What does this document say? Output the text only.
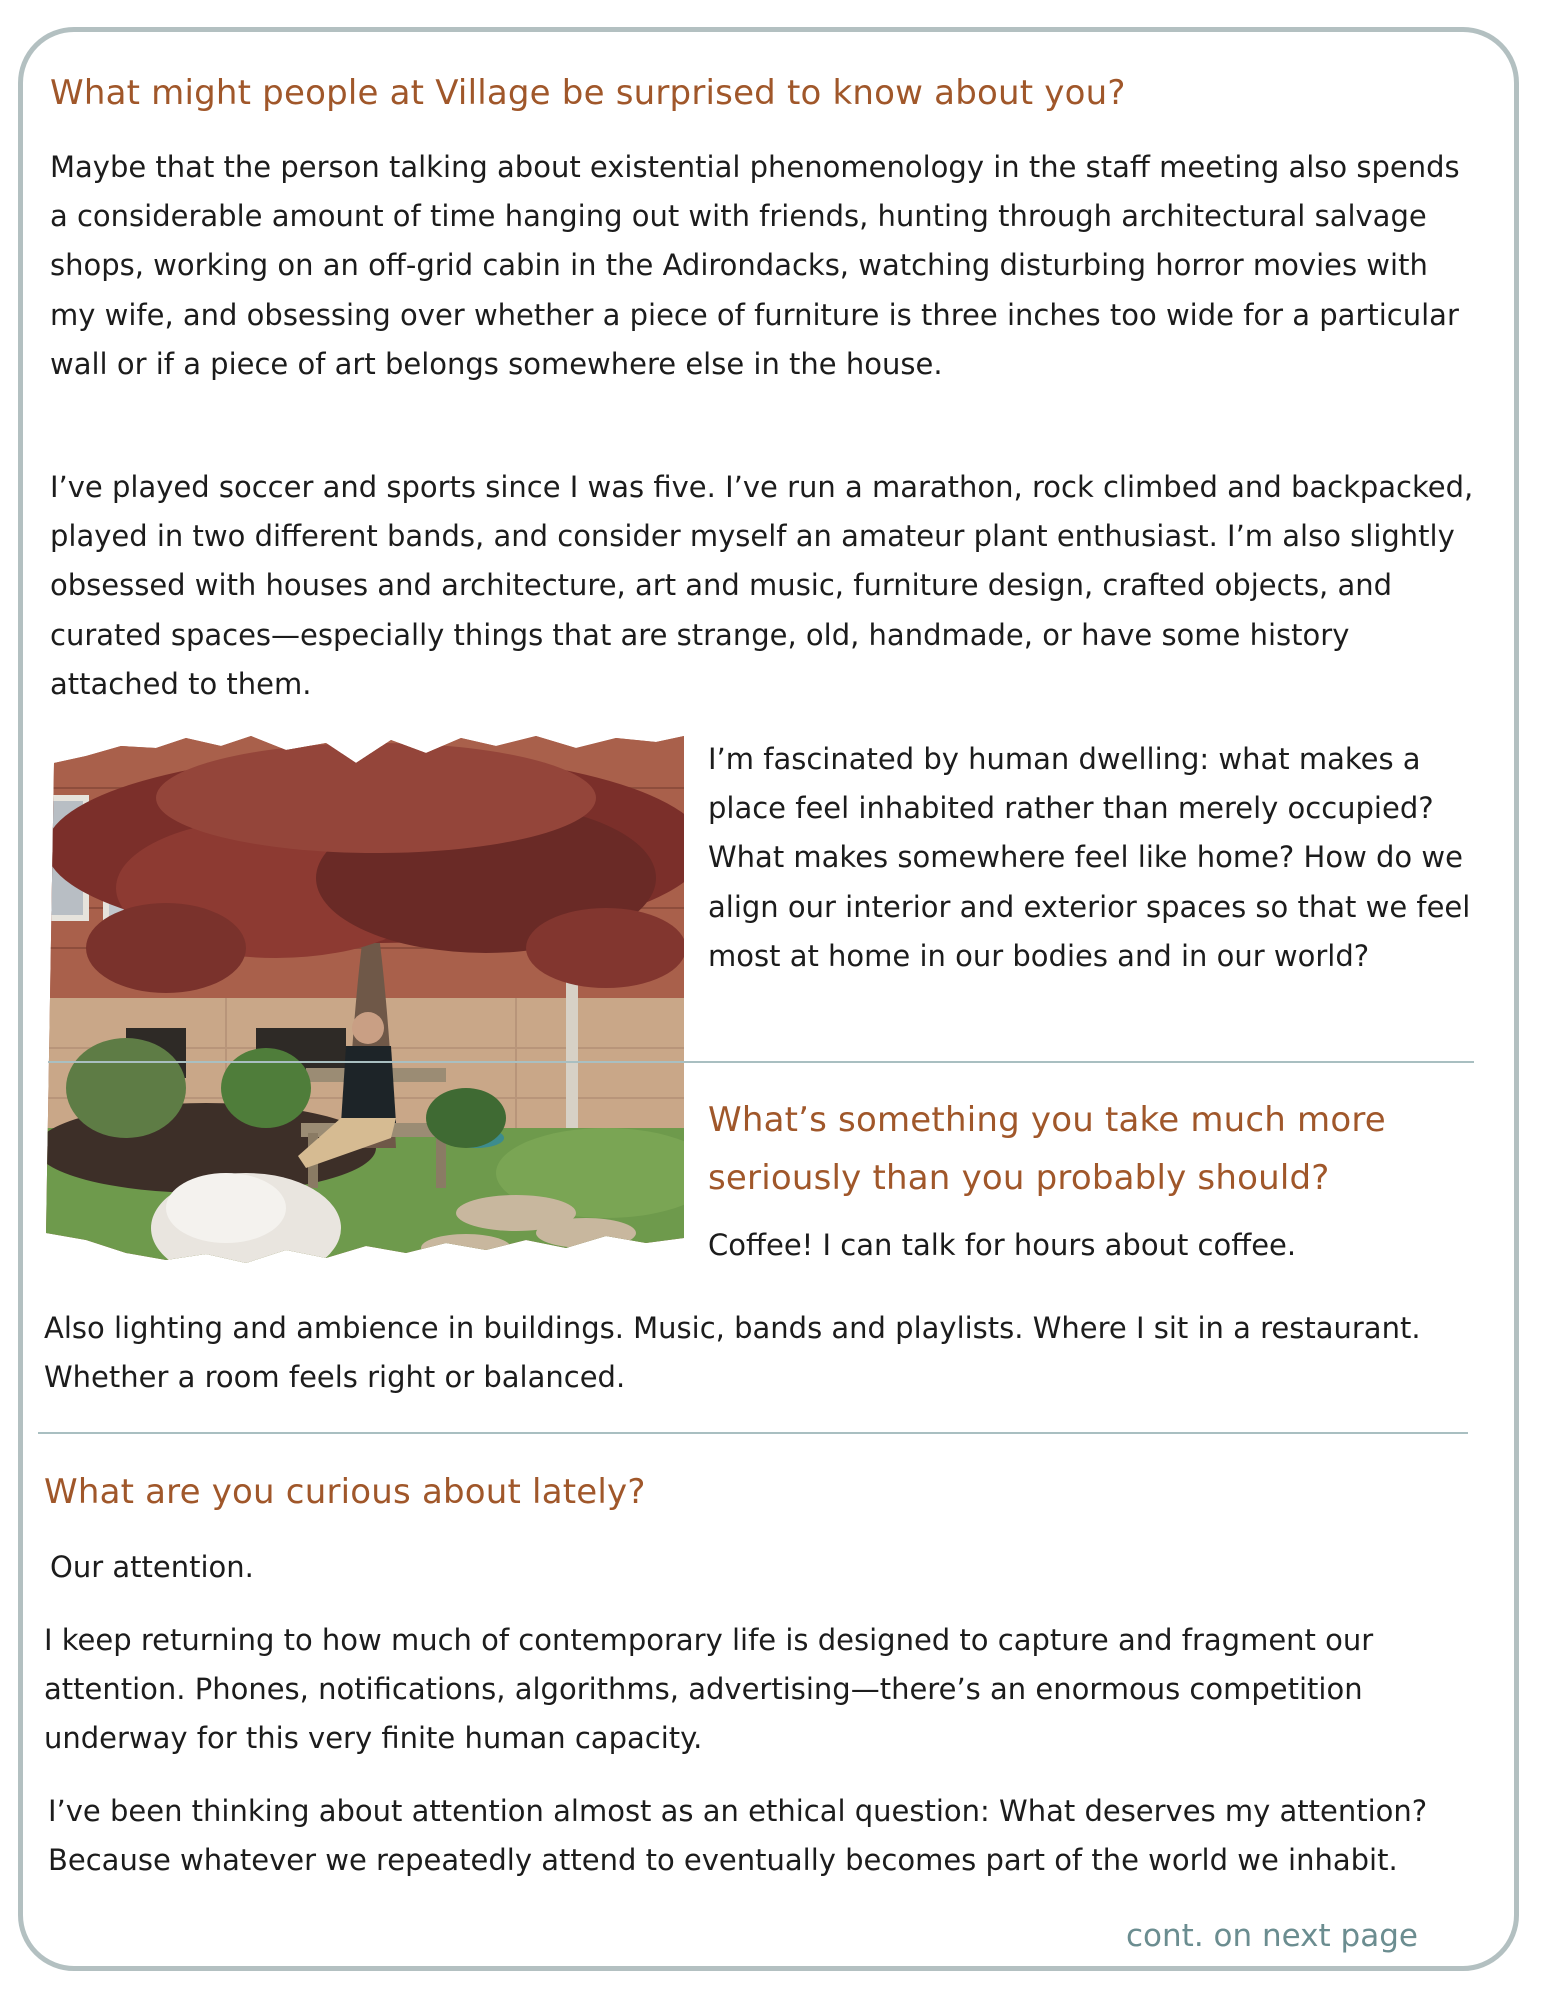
What might people at Village be surprised to know about you?

Maybe that the person talking about existential phenomenology in the staff meeting also spends a considerable amount of time hanging out with friends, hunting through architectural salvage shops, working on an off-grid cabin in the Adirondacks, watching disturbing horror movies with my wife, and obsessing over whether a piece of furniture is three inches too wide for a particular wall or if a piece of art belongs somewhere else in the house.

I’ve played soccer and sports since I was five. I’ve run a marathon, rock climbed and backpacked, played in two different bands, and consider myself an amateur plant enthusiast. I’m also slightly obsessed with houses and architecture, art and music, furniture design, crafted objects, and curated spaces—especially things that are strange, old, handmade, or have some history attached to them.

I’m fascinated by human dwelling: what makes a place feel inhabited rather than merely occupied? What makes somewhere feel like home? How do we align our interior and exterior spaces so that we feel most at home in our bodies and in our world?

What’s something you take much more seriously than you probably should?

Coffee! I can talk for hours about coffee.

Also lighting and ambience in buildings. Music, bands and playlists. Where I sit in a restaurant. Whether a room feels right or balanced.

What are you curious about lately?

Our attention.

I keep returning to how much of contemporary life is designed to capture and fragment our attention. Phones, notifications, algorithms, advertising—there’s an enormous competition underway for this very finite human capacity.

I’ve been thinking about attention almost as an ethical question: What deserves my attention? Because whatever we repeatedly attend to eventually becomes part of the world we inhabit.

cont. on next page
